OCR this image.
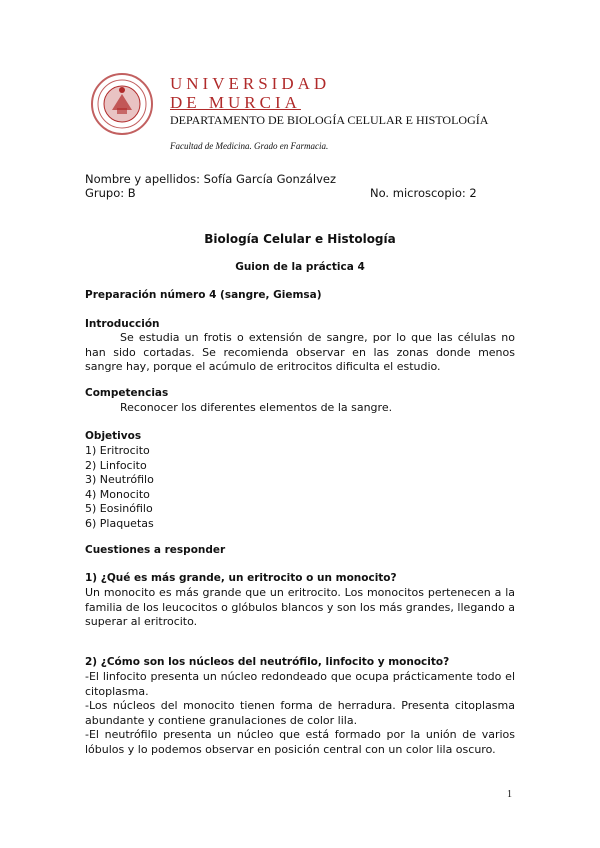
UNIVERSIDAD
DE MURCIA
DEPARTAMENTO DE BIOLOGÍA CELULAR E HISTOLOGÍA
Facultad de Medicina. Grado en Farmacia.
Nombre y apellidos: Sofía García Gonzálvez
Grupo: B	No. microscopio: 2
Biología Celular e Histología
Guion de la práctica 4
Preparación número 4 (sangre, Giemsa)
Introducción
Se estudia un frotis o extensión de sangre, por lo que las células no han sido cortadas. Se recomienda observar en las zonas donde menos sangre hay, porque el acúmulo de eritrocitos dificulta el estudio.
Competencias
Reconocer los diferentes elementos de la sangre.
Objetivos
1) Eritrocito
2) Linfocito
3) Neutrófilo
4) Monocito
5) Eosinófilo
6) Plaquetas
Cuestiones a responder
1) ¿Qué es más grande, un eritrocito o un monocito?
Un monocito es más grande que un eritrocito. Los monocitos pertenecen a la familia de los leucocitos o glóbulos blancos y son los más grandes, llegando a superar al eritrocito.
2) ¿Cómo son los núcleos del neutrófilo, linfocito y monocito?
-El linfocito presenta un núcleo redondeado que ocupa prácticamente todo el citoplasma.
-Los núcleos del monocito tienen forma de herradura. Presenta citoplasma abundante y contiene granulaciones de color lila.
-El neutrófilo presenta un núcleo que está formado por la unión de varios lóbulos y lo podemos observar en posición central con un color lila oscuro.
1
